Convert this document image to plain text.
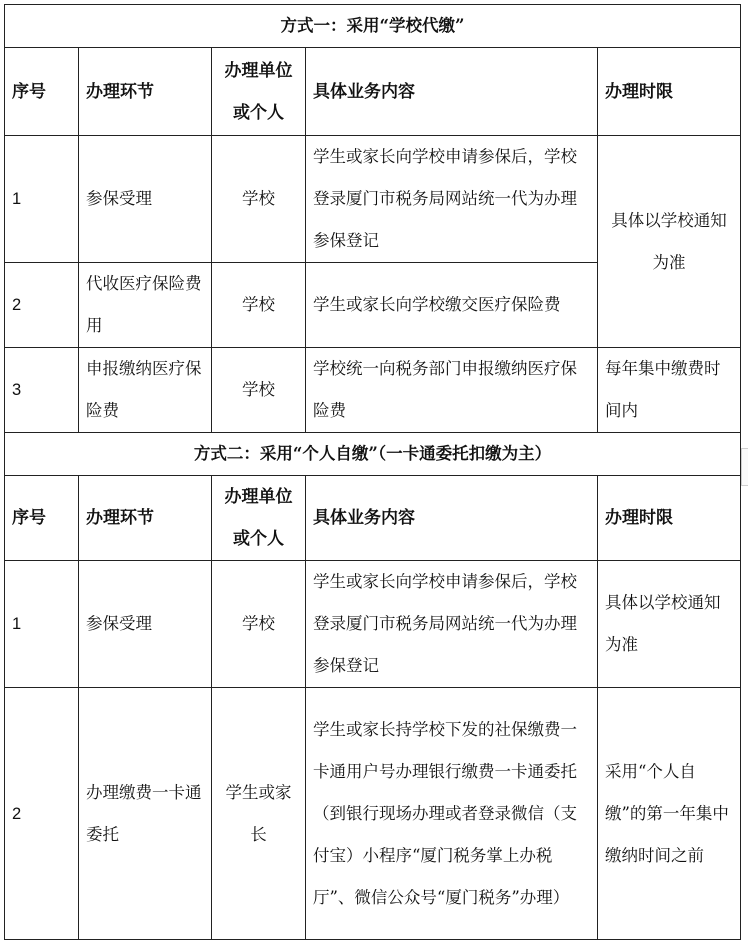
方式一：采用“学校代缴”				
序号	办理环节	办理单位或个人	具体业务内容	办理时限
1	参保受理	学校	学生或家长向学校申请参保后，学校登录厦门市税务局网站统一代为办理参保登记	具体以学校通知为准
2	代收医疗保险费用	学校	学生或家长向学校缴交医疗保险费	
3	申报缴纳医疗保险费	学校	学校统一向税务部门申报缴纳医疗保险费	每年集中缴费时间内
方式二：采用“个人自缴”（一卡通委托扣缴为主）				
序号	办理环节	办理单位或个人	具体业务内容	办理时限
1	参保受理	学校	学生或家长向学校申请参保后，学校登录厦门市税务局网站统一代为办理参保登记	具体以学校通知为准
2	办理缴费一卡通委托	学生或家长	学生或家长持学校下发的社保缴费一卡通用户号办理银行缴费一卡通委托（到银行现场办理或者登录微信（支付宝）小程序“厦门税务掌上办税厅”、微信公众号“厦门税务”办理）	采用“个人自缴”的第一年集中缴纳时间之前
